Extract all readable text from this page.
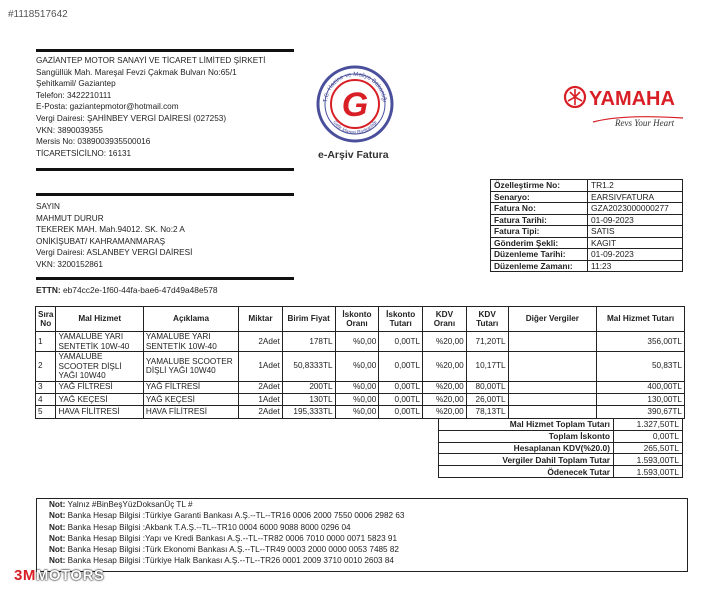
#1118517642
GAZİANTEP MOTOR SANAYİ VE TİCARET LİMİTED ŞİRKETİ
Sangüllük Mah. Mareşal Fevzi Çakmak Bulvarı No:65/1
Şehitkamil/ Gaziantep
Telefon: 3422210111
E-Posta: gaziantepmotor@hotmail.com
Vergi Dairesi: ŞAHİNBEY VERGİ DAİRESİ (027253)
VKN: 3890039355
Mersis No: 0389003935500016
TİCARETSİCİLNO: 16131
SAYIN
MAHMUT DURUR
TEKEREK MAH. Mah.94012. SK. No:2 A
ONİKİŞUBAT/ KAHRAMANMARAŞ
Vergi Dairesi: ASLANBEY VERGİ DAİRESİ
VKN: 3200152861
ETTN: eb74cc2e-1f60-44fa-bae6-47d49a48e578
T.C. Hazine ve Maliye Bakanlığı
Gelir İdaresi Başkanlığı
G
e-Arşiv Fatura
YAMAHA
Revs Your Heart
Özelleştirme No:	TR1.2
Senaryo:	EARSIVFATURA
Fatura No:	GZA2023000000277
Fatura Tarihi:	01-09-2023
Fatura Tipi:	SATIS
Gönderim Şekli:	KAGIT
Düzenleme Tarihi:	01-09-2023
Düzenleme Zamanı:	11:23
Sıra No	Mal Hizmet	Açıklama	Miktar	Birim Fiyat	İskonto Oranı	İskonto Tutarı	KDV Oranı	KDV Tutarı	Diğer Vergiler	Mal Hizmet Tutarı
1	YAMALUBE YARI SENTETİK 10W-40	YAMALUBE YARI SENTETİK 10W-40	2Adet	178TL	%0,00	0,00TL	%20,00	71,20TL		356,00TL
2	YAMALUBE SCOOTER DİŞLİ YAĞI 10W40	YAMALUBE SCOOTER DİŞLİ YAĞI 10W40	1Adet	50,8333TL	%0,00	0,00TL	%20,00	10,17TL		50,83TL
3	YAĞ FİLTRESİ	YAĞ FİLTRESİ	2Adet	200TL	%0,00	0,00TL	%20,00	80,00TL		400,00TL
4	YAĞ KEÇESİ	YAĞ KEÇESİ	1Adet	130TL	%0,00	0,00TL	%20,00	26,00TL		130,00TL
5	HAVA FİLİTRESİ	HAVA FİLİTRESİ	2Adet	195,333TL	%0,00	0,00TL	%20,00	78,13TL		390,67TL
Mal Hizmet Toplam Tutarı	1.327,50TL
Toplam İskonto	0,00TL
Hesaplanan KDV(%20.0)	265,50TL
Vergiler Dahil Toplam Tutar	1.593,00TL
Ödenecek Tutar	1.593,00TL
Not: Yalnız #BinBeşYüzDoksanÜç TL #
Not: Banka Hesap Bilgisi :Türkiye Garanti Bankası A.Ş.--TL--TR16 0006 2000 7550 0006 2982 63
Not: Banka Hesap Bilgisi :Akbank T.A.Ş.--TL--TR10 0004 6000 9088 8000 0296 04
Not: Banka Hesap Bilgisi :Yapı ve Kredi Bankası A.Ş.--TL--TR82 0006 7010 0000 0071 5823 91
Not: Banka Hesap Bilgisi :Türk Ekonomi Bankası A.Ş.--TL--TR49 0003 2000 0000 0053 7485 82
Not: Banka Hesap Bilgisi :Türkiye Halk Bankası A.Ş.--TL--TR26 0001 2009 3710 0010 2603 84
3MMOTORS
